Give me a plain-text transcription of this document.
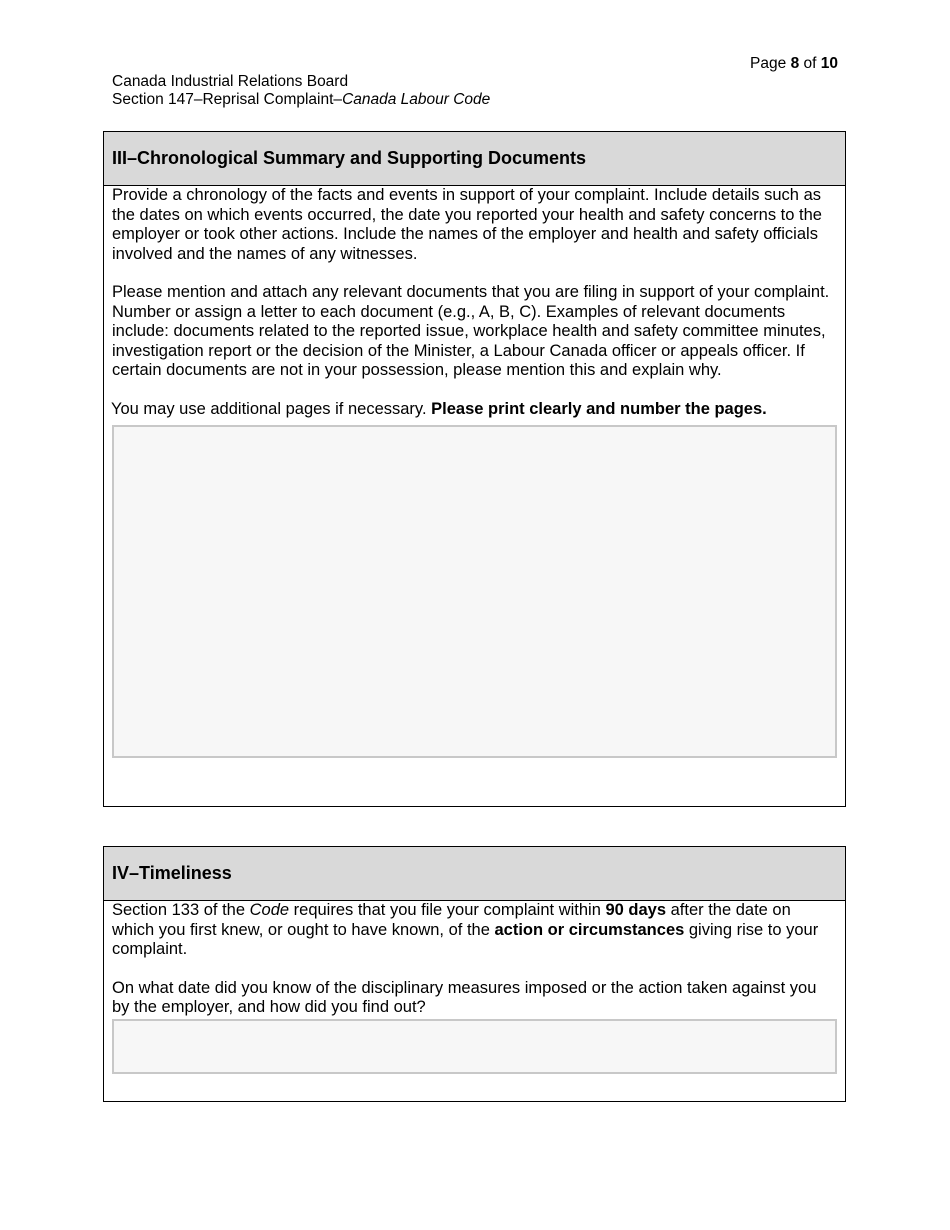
Page 8 of 10
Canada Industrial Relations Board
Section 147–Reprisal Complaint–Canada Labour Code
III–Chronological Summary and Supporting Documents

Provide a chronology of the facts and events in support of your complaint. Include details such as the dates on which events occurred, the date you reported your health and safety concerns to the employer or took other actions. Include the names of the employer and health and safety officials involved and the names of any witnesses.

Please mention and attach any relevant documents that you are filing in support of your complaint. Number or assign a letter to each document (e.g., A, B, C). Examples of relevant documents include: documents related to the reported issue, workplace health and safety committee minutes, investigation report or the decision of the Minister, a Labour Canada officer or appeals officer. If certain documents are not in your possession, please mention this and explain why.

You may use additional pages if necessary. Please print clearly and number the pages.

IV–Timeliness

Section 133 of the Code requires that you file your complaint within 90 days after the date on which you first knew, or ought to have known, of the action or circumstances giving rise to your complaint.

On what date did you know of the disciplinary measures imposed or the action taken against you by the employer, and how did you find out?
